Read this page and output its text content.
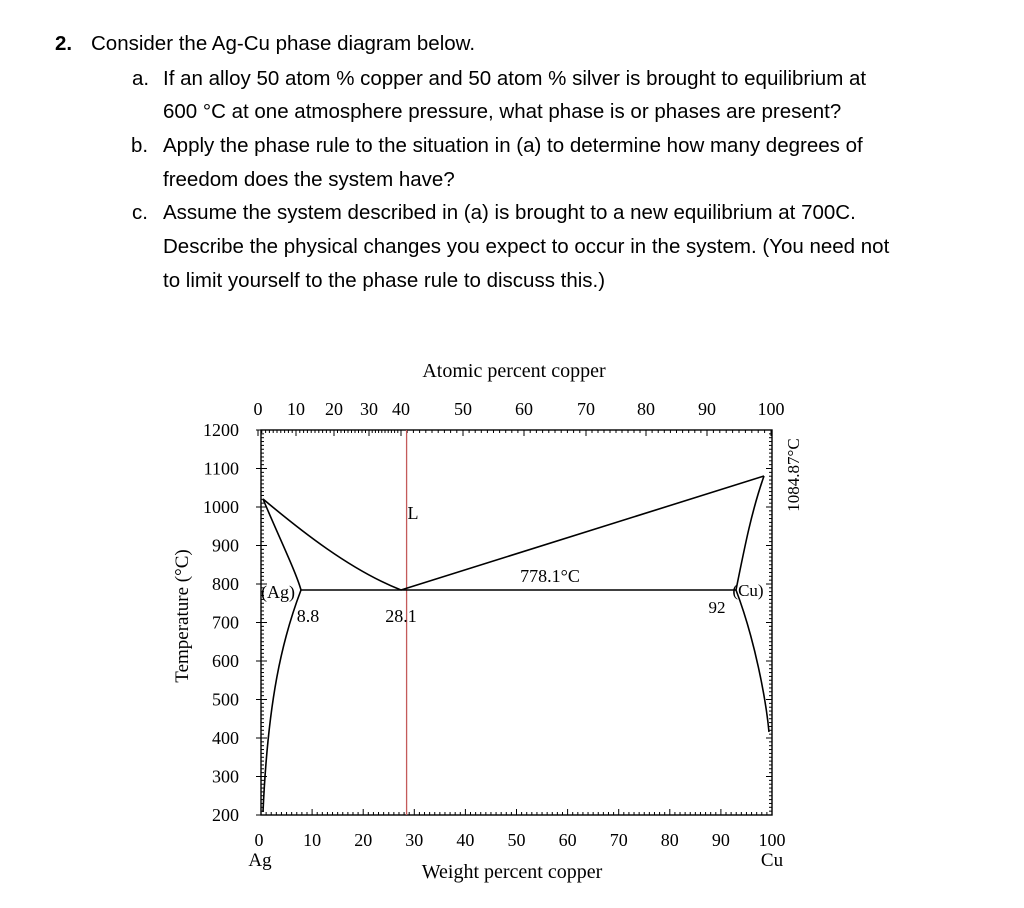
2. Consider the Ag-Cu phase diagram below.
a. If an alloy 50 atom % copper and 50 atom % silver is brought to equilibrium at
600 °C at one atmosphere pressure, what phase is or phases are present?
b. Apply the phase rule to the situation in (a) to determine how many degrees of
freedom does the system have?
c. Assume the system described in (a) is brought to a new equilibrium at 700C.
Describe the physical changes you expect to occur in the system. (You need not
to limit yourself to the phase rule to discuss this.)
Atomic percent copper
1200
1100
1000
900
800
700
600
500
400
300
200
0 10 20 30 40 50 60 70 80 90 100
0 10 20 30 40 50 60 70 80 90 100
L
778.1°C
(Ag)	(Cu)
8.8	28.1	92
1084.87°C
Temperature (°C)
Weight percent copper
Ag	Cu
